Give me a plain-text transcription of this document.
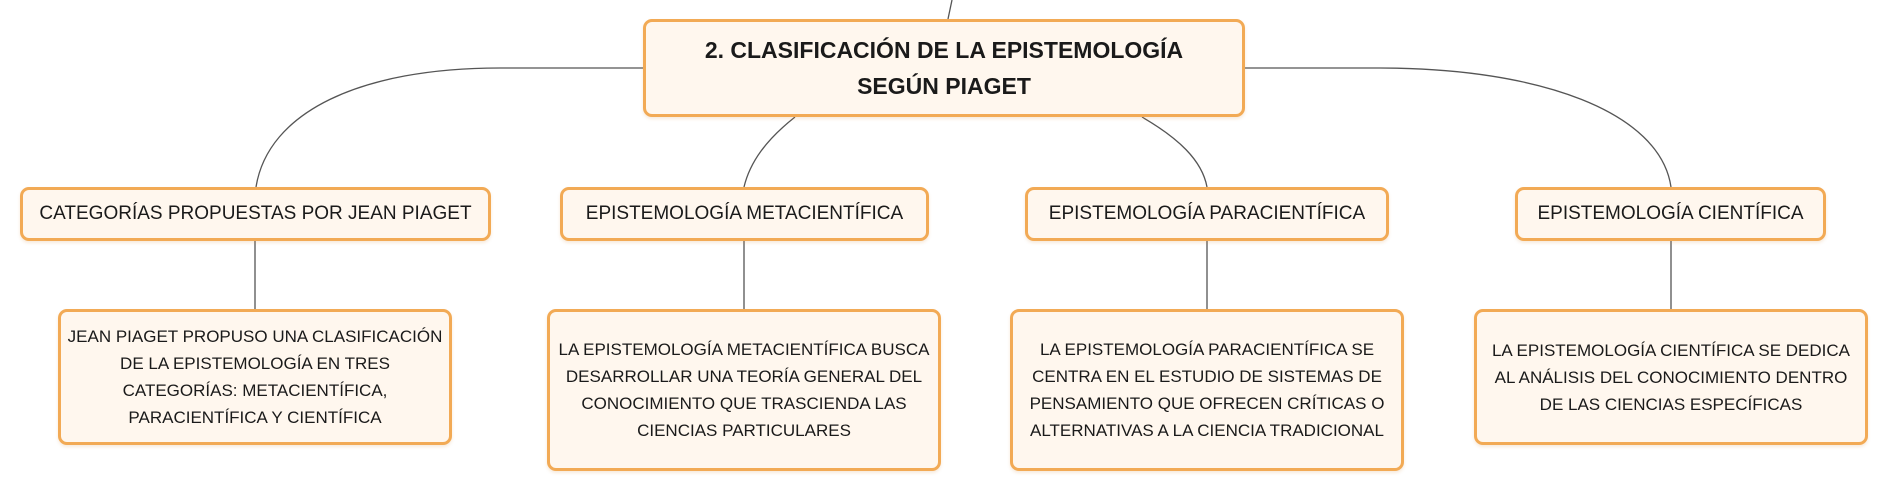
2. CLASIFICACIÓN DE LA EPISTEMOLOGÍA SEGÚN PIAGET
CATEGORÍAS PROPUESTAS POR JEAN PIAGET	EPISTEMOLOGÍA METACIENTÍFICA	EPISTEMOLOGÍA PARACIENTÍFICA	EPISTEMOLOGÍA CIENTÍFICA
JEAN PIAGET PROPUSO UNA CLASIFICACIÓN DE LA EPISTEMOLOGÍA EN TRES CATEGORÍAS: METACIENTÍFICA, PARACIENTÍFICA Y CIENTÍFICA
LA EPISTEMOLOGÍA METACIENTÍFICA BUSCA DESARROLLAR UNA TEORÍA GENERAL DEL CONOCIMIENTO QUE TRASCIENDA LAS CIENCIAS PARTICULARES
LA EPISTEMOLOGÍA PARACIENTÍFICA SE CENTRA EN EL ESTUDIO DE SISTEMAS DE PENSAMIENTO QUE OFRECEN CRÍTICAS O ALTERNATIVAS A LA CIENCIA TRADICIONAL
LA EPISTEMOLOGÍA CIENTÍFICA SE DEDICA AL ANÁLISIS DEL CONOCIMIENTO DENTRO DE LAS CIENCIAS ESPECÍFICAS
